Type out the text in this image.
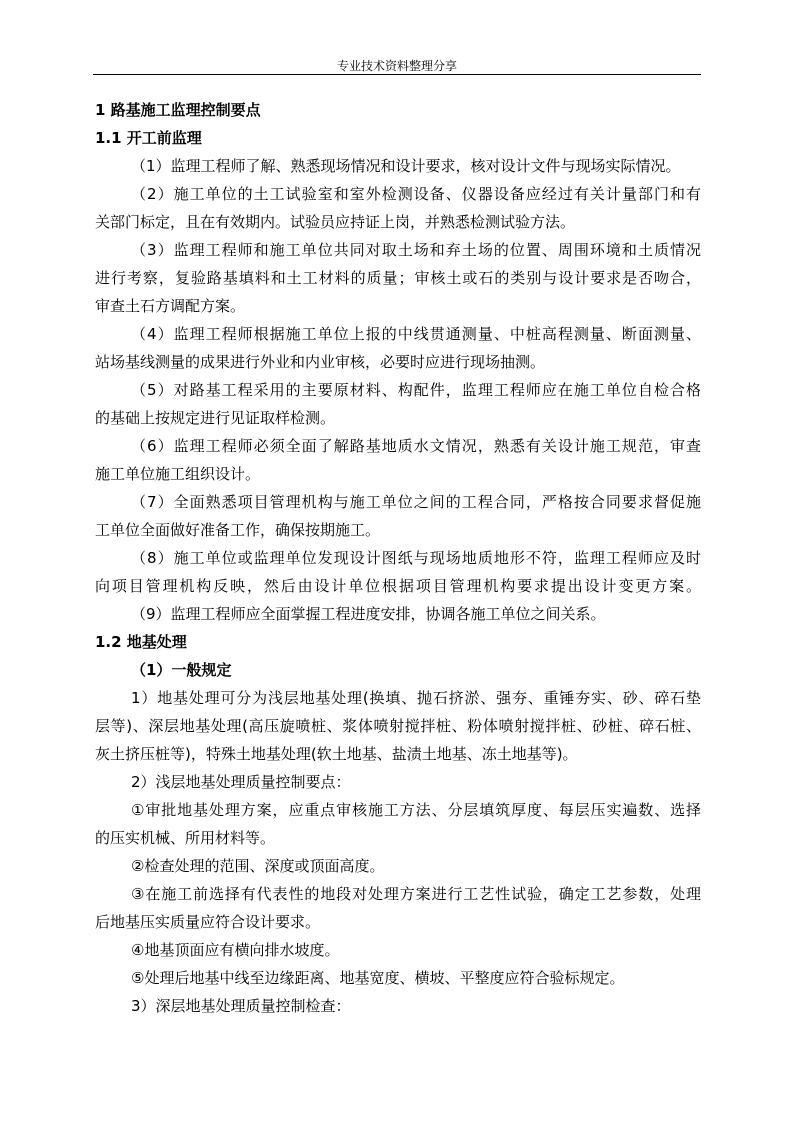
专业技术资料整理分享
1 路基施工监理控制要点
1.1 开工前监理
（1）监理工程师了解、熟悉现场情况和设计要求，核对设计文件与现场实际情况。
（2）施工单位的土工试验室和室外检测设备、仪器设备应经过有关计量部门和有
关部门标定，且在有效期内。试验员应持证上岗，并熟悉检测试验方法。
（3）监理工程师和施工单位共同对取土场和弃土场的位置、周围环境和土质情况
进行考察，复验路基填料和土工材料的质量；审核土或石的类别与设计要求是否吻合，
审查土石方调配方案。
（4）监理工程师根据施工单位上报的中线贯通测量、中桩高程测量、断面测量、
站场基线测量的成果进行外业和内业审核，必要时应进行现场抽测。
（5）对路基工程采用的主要原材料、构配件，监理工程师应在施工单位自检合格
的基础上按规定进行见证取样检测。
（6）监理工程师必须全面了解路基地质水文情况，熟悉有关设计施工规范，审查
施工单位施工组织设计。
（7）全面熟悉项目管理机构与施工单位之间的工程合同，严格按合同要求督促施
工单位全面做好准备工作，确保按期施工。
（8）施工单位或监理单位发现设计图纸与现场地质地形不符，监理工程师应及时
向项目管理机构反映，然后由设计单位根据项目管理机构要求提出设计变更方案。
（9）监理工程师应全面掌握工程进度安排，协调各施工单位之间关系。
1.2 地基处理
（1）一般规定
1）地基处理可分为浅层地基处理(换填、抛石挤淤、强夯、重锤夯实、砂、碎石垫
层等)、深层地基处理(高压旋喷桩、浆体喷射搅拌桩、粉体喷射搅拌桩、砂桩、碎石桩、
灰土挤压桩等)，特殊土地基处理(软土地基、盐渍土地基、冻土地基等)。
2）浅层地基处理质量控制要点：
①审批地基处理方案，应重点审核施工方法、分层填筑厚度、每层压实遍数、选择
的压实机械、所用材料等。
②检查处理的范围、深度或顶面高度。
③在施工前选择有代表性的地段对处理方案进行工艺性试验，确定工艺参数，处理
后地基压实质量应符合设计要求。
④地基顶面应有横向排水坡度。
⑤处理后地基中线至边缘距离、地基宽度、横坡、平整度应符合验标规定。
3）深层地基处理质量控制检查：
